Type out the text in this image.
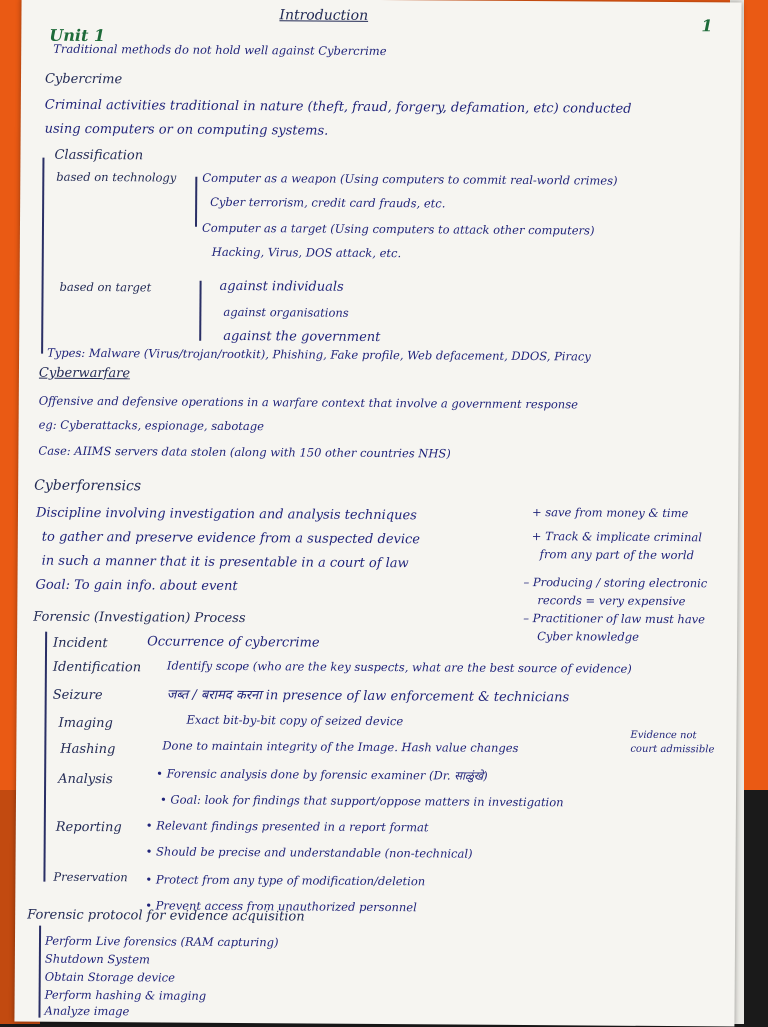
Introduction
Unit 1	1
Traditional methods do not hold well against Cybercrime
Cybercrime
Criminal activities traditional in nature (theft, fraud, forgery, defamation, etc) conducted
using computers or on computing systems.
Classification
based on technology Computer as a weapon (Using computers to commit real-world crimes)
Cyber terrorism, credit card frauds, etc.
Computer as a target (Using computers to attack other computers)
Hacking, Virus, DOS attack, etc.
based on target	against individuals
against organisations
against the government
Types: Malware (Virus/trojan/rootkit), Phishing, Fake profile, Web defacement, DDOS, Piracy
Cyberwarfare
Offensive and defensive operations in a warfare context that involve a government response
eg: Cyberattacks, espionage, sabotage
Case: AIIMS servers data stolen (along with 150 other countries NHS)
Cyberforensics
Discipline involving investigation and analysis techniques
to gather and preserve evidence from a suspected device
in such a manner that it is presentable in a court of law
Goal: To gain info. about event
+ save from money & time
+ Track & implicate criminal
from any part of the world
– Producing / storing electronic
records = very expensive
– Practitioner of law must have
Cyber knowledge
Forensic (Investigation) Process
Incident	Occurrence of cybercrime
Identification Identify scope (who are the key suspects, what are the best source of evidence)
Seizure	जब्त / बरामद करना in presence of law enforcement & technicians
Imaging	Exact bit-by-bit copy of seized device
Hashing	Done to maintain integrity of the Image. Hash value changes
Evidence not
court admissible
Analysis	• Forensic analysis done by forensic examiner (Dr. साळुंखे)
• Goal: look for findings that support/oppose matters in investigation
Reporting • Relevant findings presented in a report format
• Should be precise and understandable (non-technical)
Preservation • Protect from any type of modification/deletion
• Prevent access from unauthorized personnel
Forensic protocol for evidence acquisition
Perform Live forensics (RAM capturing)
Shutdown System
Obtain Storage device
Perform hashing & imaging
Analyze image
